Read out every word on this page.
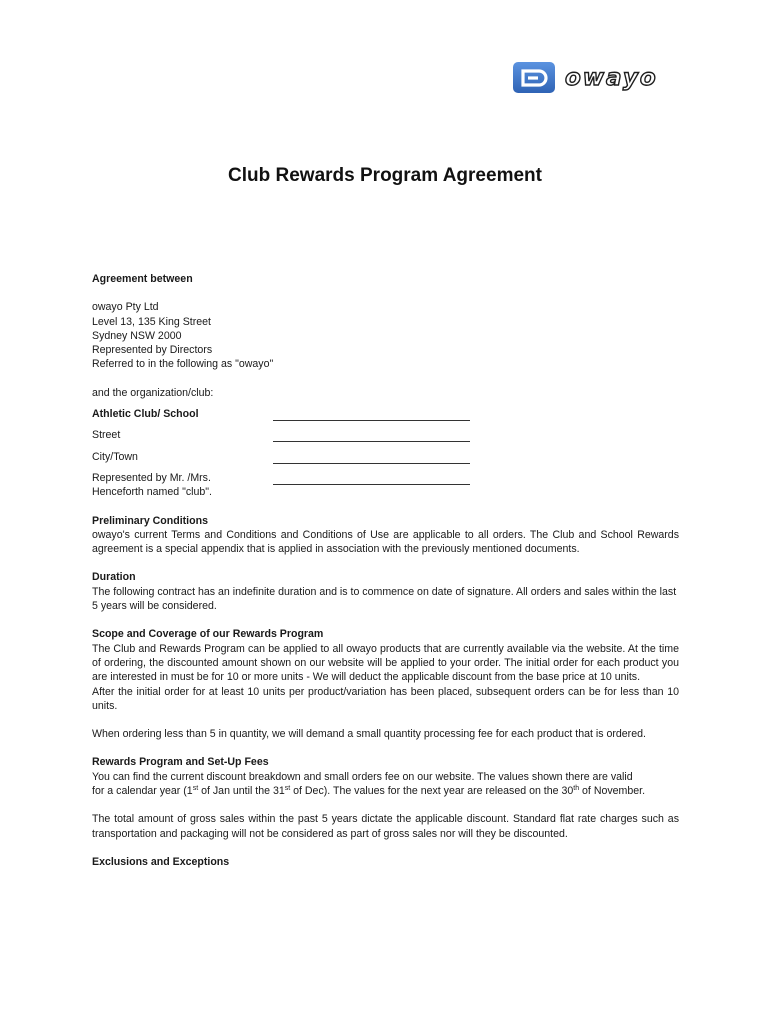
owayo
Club Rewards Program Agreement

Agreement between

owayo Pty Ltd

Level 13, 135 King Street

Sydney NSW 2000

Represented by Directors

Referred to in the following as "owayo"

and the organization/club:

Athletic Club/ School
Street
City/Town
Represented by Mr. /Mrs.

Henceforth named "club".

Preliminary Conditions

owayo's current Terms and Conditions and Conditions of Use are applicable to all orders. The Club and School Rewards agreement is a special appendix that is applied in association with the previously mentioned documents.

Duration

The following contract has an indefinite duration and is to commence on date of signature. All orders and sales within the last 5 years will be considered.

Scope and Coverage of our Rewards Program

The Club and Rewards Program can be applied to all owayo products that are currently available via the website. At the time of ordering, the discounted amount shown on our website will be applied to your order. The initial order for each product you are interested in must be for 10 or more units - We will deduct the applicable discount from the base price at 10 units.

After the initial order for at least 10 units per product/variation has been placed, subsequent orders can be for less than 10 units.

When ordering less than 5 in quantity, we will demand a small quantity processing fee for each product that is ordered.

Rewards Program and Set-Up Fees

You can find the current discount breakdown and small orders fee on our website. The values shown there are valid

for a calendar year (1st of Jan until the 31st of Dec). The values for the next year are released on the 30th of November.

The total amount of gross sales within the past 5 years dictate the applicable discount. Standard flat rate charges such as transportation and packaging will not be considered as part of gross sales nor will they be discounted.

Exclusions and Exceptions
